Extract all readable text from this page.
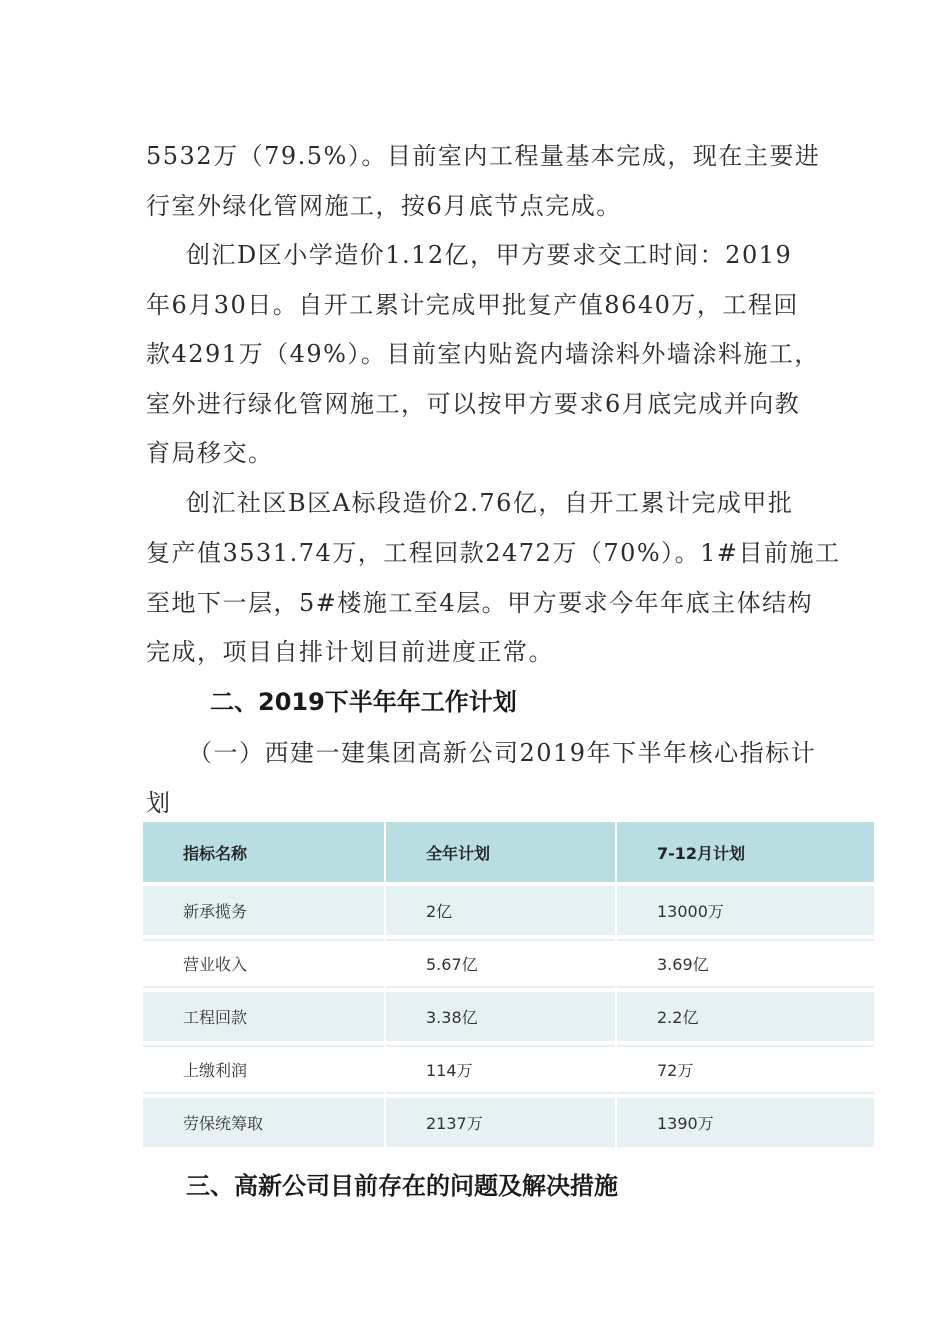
5532万（79.5%）。目前室内工程量基本完成，现在主要进
行室外绿化管网施工，按6月底节点完成。
创汇D区小学造价1.12亿，甲方要求交工时间：2019
年6月30日。自开工累计完成甲批复产值8640万，工程回
款4291万（49%）。目前室内贴瓷内墙涂料外墙涂料施工，
室外进行绿化管网施工，可以按甲方要求6月底完成并向教
育局移交。
创汇社区B区A标段造价2.76亿，自开工累计完成甲批
复产值3531.74万，工程回款2472万（70%）。1#目前施工
至地下一层，5#楼施工至4层。甲方要求今年年底主体结构
完成，项目自排计划目前进度正常。
（一）西建一建集团高新公司2019年下半年核心指标计
划
二、2019下半年年工作计划
指标名称	全年计划	7-12月计划
新承揽务	2亿	13000万
营业收入	5.67亿	3.69亿
工程回款	3.38亿	2.2亿
上缴利润	114万	72万
劳保统筹取	2137万	1390万
三、高新公司目前存在的问题及解决措施
